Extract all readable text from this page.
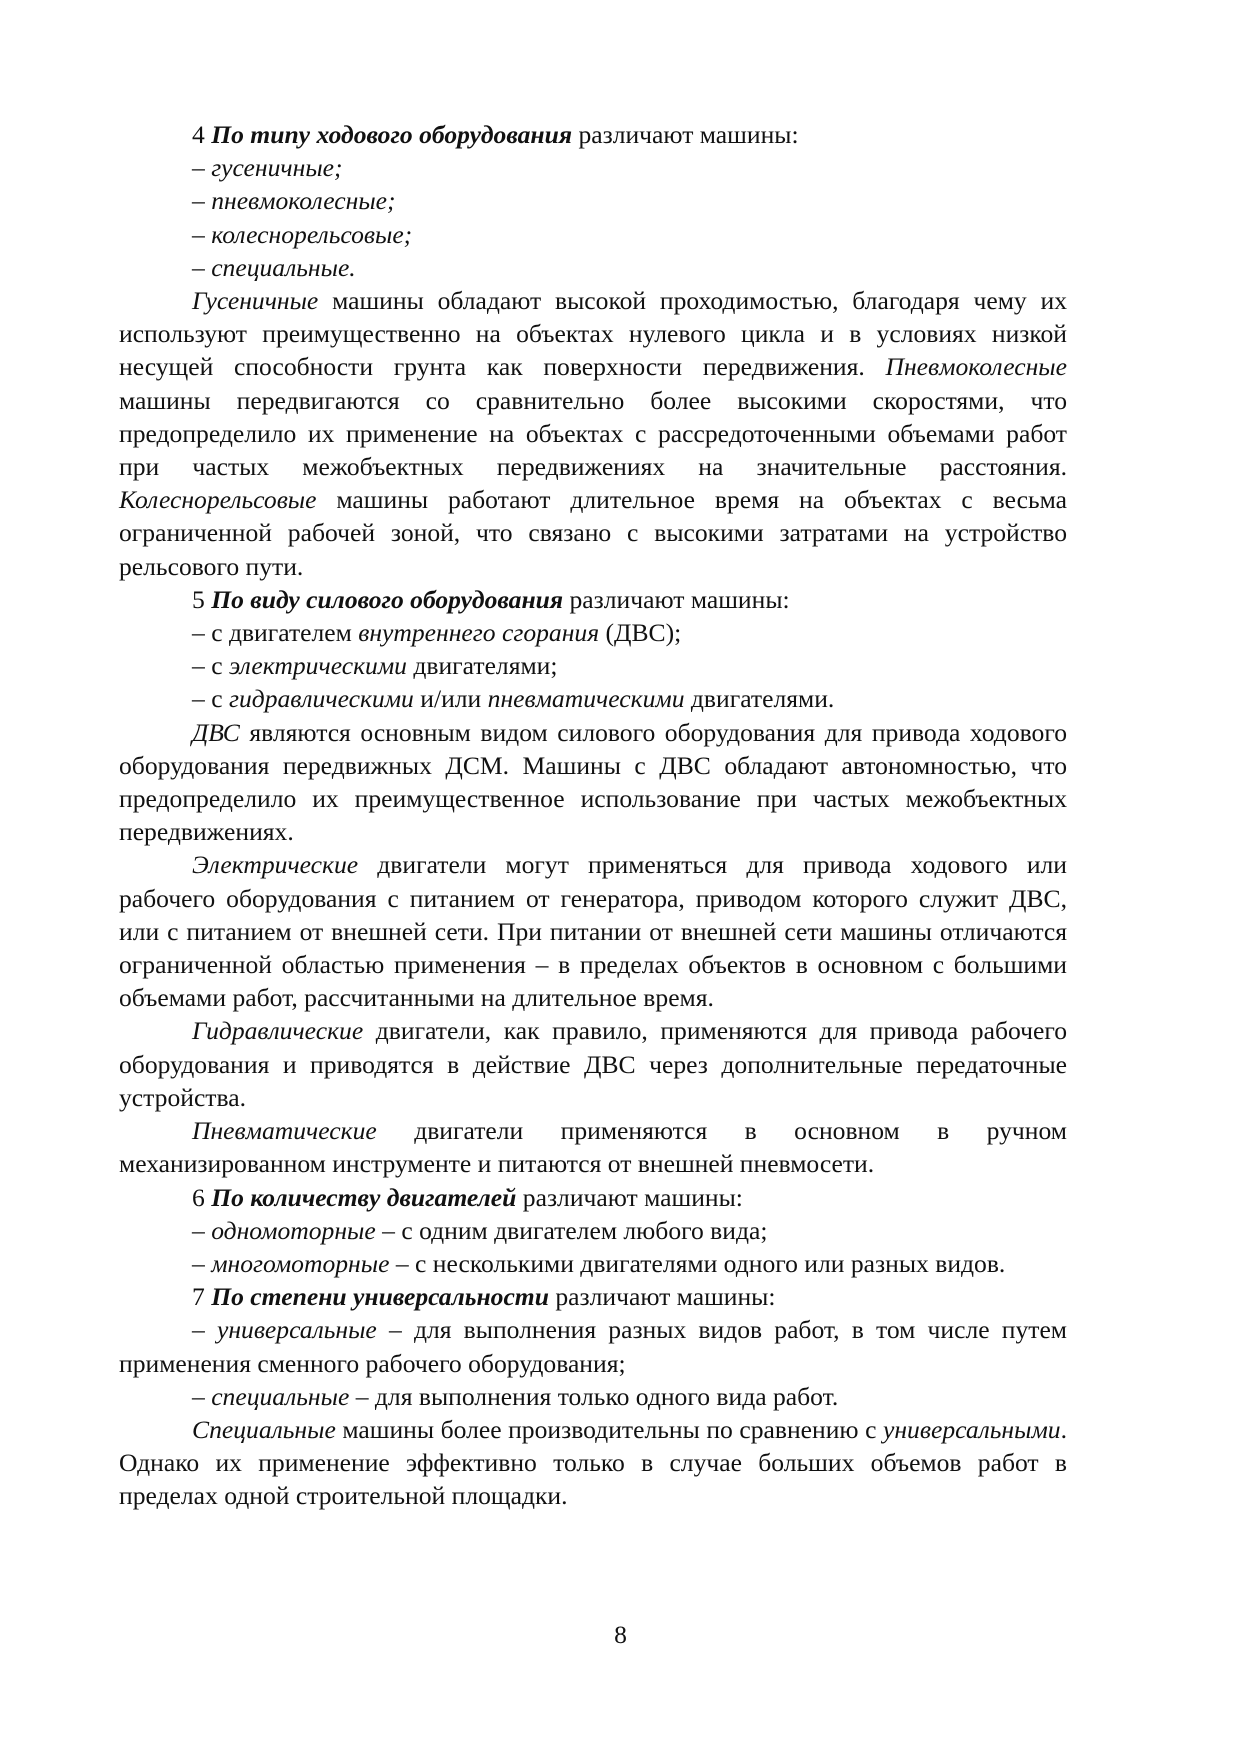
4 По типу ходового оборудования различают машины:

– гусеничные;

– пневмоколесные;

– колеснорельсовые;

– специальные.

Гусеничные машины обладают высокой проходимостью, благодаря чему их используют преимущественно на объектах нулевого цикла и в условиях низкой несущей способности грунта как поверхности передвижения. Пневмоколесные машины передвигаются со сравнительно более высокими скоростями, что предопределило их применение на объектах с рассредоточенными объемами работ при частых межобъектных передвижениях на значительные расстояния. Колеснорельсовые машины работают длительное время на объектах с весьма ограниченной рабочей зоной, что связано с высокими затратами на устройство рельсового пути.

5 По виду силового оборудования различают машины:

– с двигателем внутреннего сгорания (ДВС);

– с электрическими двигателями;

– с гидравлическими и/или пневматическими двигателями.

ДВС являются основным видом силового оборудования для привода ходового оборудования передвижных ДСМ. Машины с ДВС обладают автономностью, что предопределило их преимущественное использование при частых межобъектных передвижениях.

Электрические двигатели могут применяться для привода ходового или рабочего оборудования с питанием от генератора, приводом которого служит ДВС, или с питанием от внешней сети. При питании от внешней сети машины отличаются ограниченной областью применения – в пределах объектов в основном с большими объемами работ, рассчитанными на длительное время.

Гидравлические двигатели, как правило, применяются для привода рабочего оборудования и приводятся в действие ДВС через дополнительные передаточные устройства.

Пневматические двигатели применяются в основном в ручном механизированном инструменте и питаются от внешней пневмосети.

6 По количеству двигателей различают машины:

– одномоторные – с одним двигателем любого вида;

– многомоторные – с несколькими двигателями одного или разных видов.

7 По степени универсальности различают машины:

– универсальные – для выполнения разных видов работ, в том числе путем применения сменного рабочего оборудования;

– специальные – для выполнения только одного вида работ.

Специальные машины более производительны по сравнению с универсальными. Однако их применение эффективно только в случае больших объемов работ в пределах одной строительной площадки.

8
